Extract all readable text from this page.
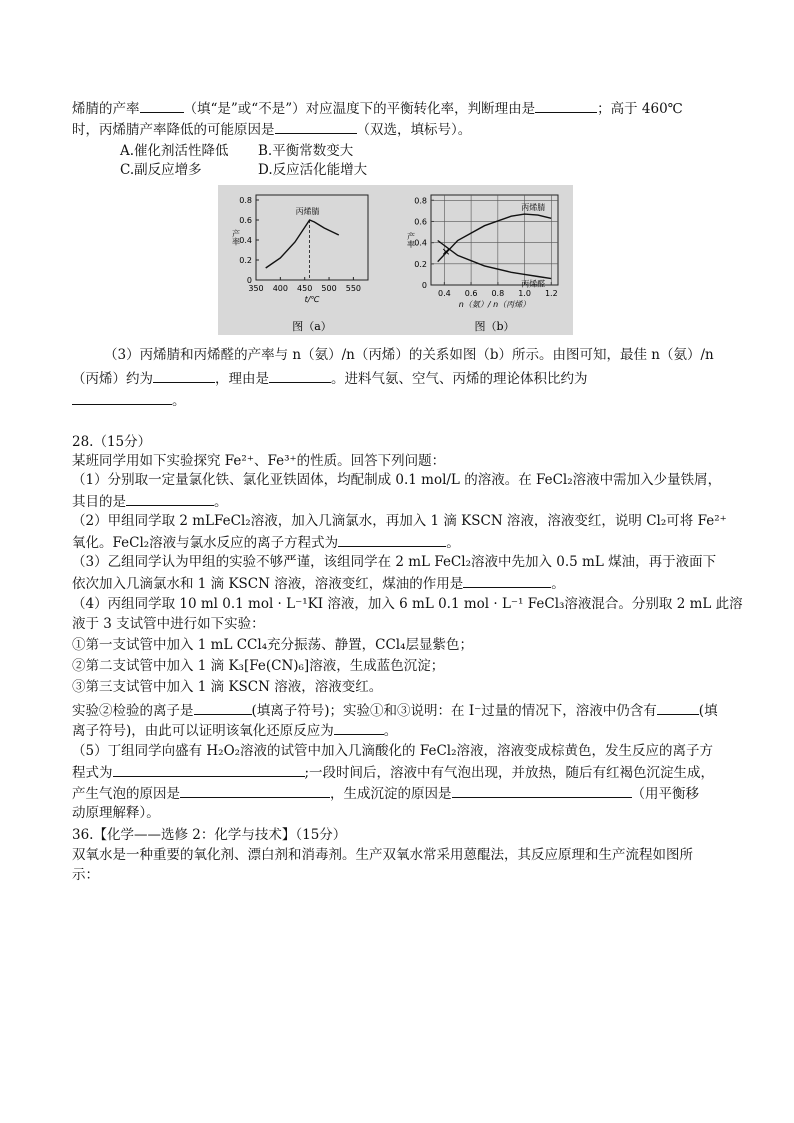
烯腈的产率	（填“是”或“不是”）对应温度下的平衡转化率，判断理由是	；高于 460℃
时，丙烯腈产率降低的可能原因是	（双选，填标号）。
A.催化剂活性降低 B.平衡常数变大
C.副反应增多	D.反应活化能增大
0
0.2
0.4
0.6
0.8
350 400 450 500 550
产率
t/℃
丙烯腈
图（a）
0
0.2
0.4
0.6
0.8
0.4 0.6 0.8 1.0 1.2
产率
n（氨）/ n（丙烯）
丙烯腈
丙烯醛
×
图（b）
（3）丙烯腈和丙烯醛的产率与 n（氨）/n（丙烯）的关系如图（b）所示。由图可知，最佳 n（氨）/n
（丙烯）约为	，理由是	。进料气氨、空气、丙烯的理论体积比约为
。
28.（15分）
某班同学用如下实验探究 Fe²⁺、Fe³⁺的性质。回答下列问题：
（1）分别取一定量氯化铁、氯化亚铁固体，均配制成 0.1 mol/L 的溶液。在 FeCl₂溶液中需加入少量铁屑，
其目的是	。
（2）甲组同学取 2 mLFeCl₂溶液，加入几滴氯水，再加入 1 滴 KSCN 溶液，溶液变红，说明 Cl₂可将 Fe²⁺
氧化。FeCl₂溶液与氯水反应的离子方程式为	。
（3）乙组同学认为甲组的实验不够严谨，该组同学在 2 mL FeCl₂溶液中先加入 0.5 mL 煤油，再于液面下
依次加入几滴氯水和 1 滴 KSCN 溶液，溶液变红，煤油的作用是	。
（4）丙组同学取 10 ml 0.1 mol · L⁻¹KI 溶液，加入 6 mL 0.1 mol · L⁻¹ FeCl₃溶液混合。分别取 2 mL 此溶
液于 3 支试管中进行如下实验：
①第一支试管中加入 1 mL CCl₄充分振荡、静置，CCl₄层显紫色；
②第二支试管中加入 1 滴 K₃[Fe(CN)₆]溶液，生成蓝色沉淀；
③第三支试管中加入 1 滴 KSCN 溶液，溶液变红。
实验②检验的离子是	(填离子符号)；实验①和③说明：在 I⁻过量的情况下，溶液中仍含有	(填
离子符号)，由此可以证明该氧化还原反应为	。
（5）丁组同学向盛有 H₂O₂溶液的试管中加入几滴酸化的 FeCl₂溶液，溶液变成棕黄色，发生反应的离子方
程式为	;一段时间后，溶液中有气泡出现，并放热，随后有红褐色沉淀生成，
产生气泡的原因是	，生成沉淀的原因是	（用平衡移
动原理解释）。
36.【化学——选修 2：化学与技术】（15分）
双氧水是一种重要的氧化剂、漂白剂和消毒剂。生产双氧水常采用蒽醌法，其反应原理和生产流程如图所
示：
